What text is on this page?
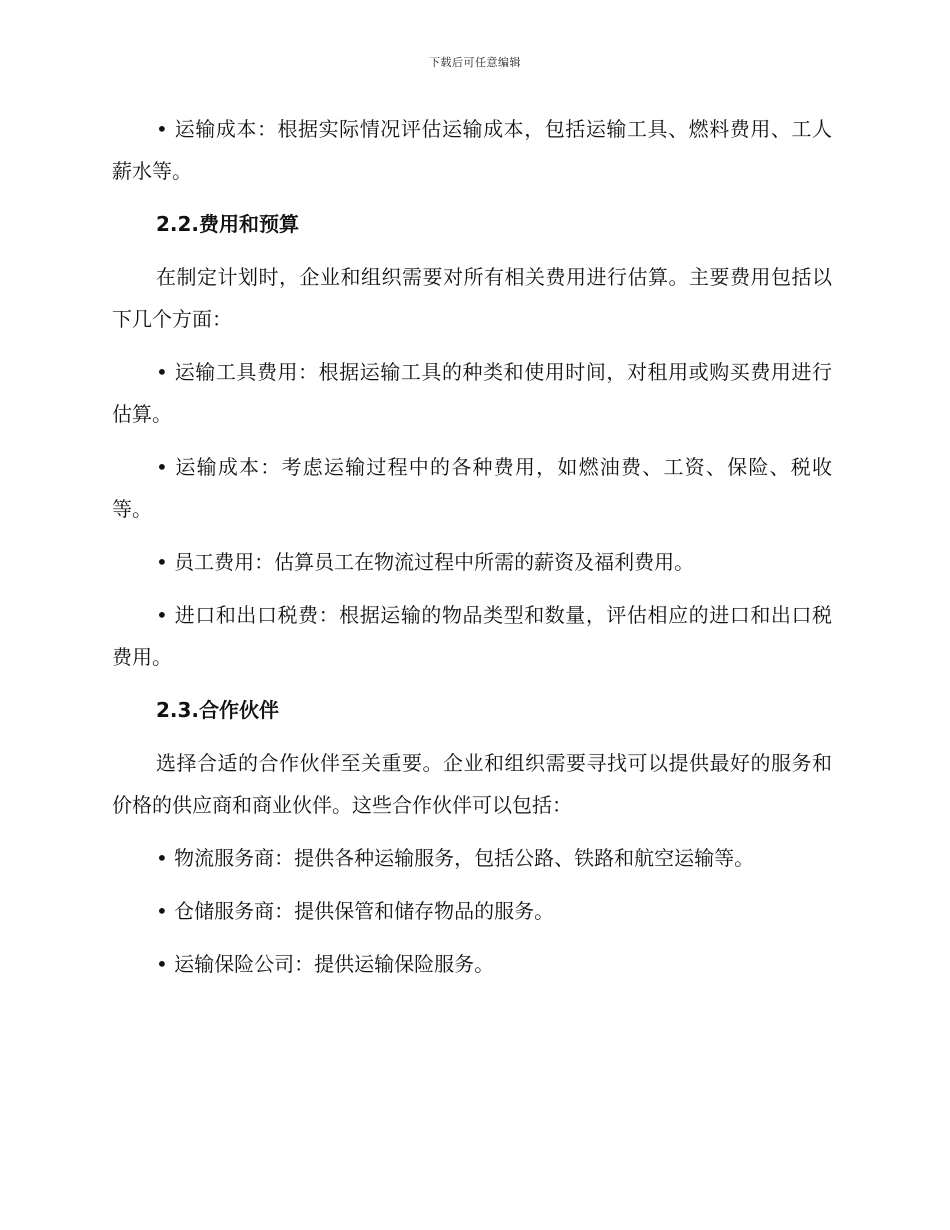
下载后可任意编辑

• 运输成本：根据实际情况评估运输成本，包括运输工具、燃料费用、工人薪水等。

2.2.费用和预算

在制定计划时，企业和组织需要对所有相关费用进行估算。主要费用包括以下几个方面：

• 运输工具费用：根据运输工具的种类和使用时间，对租用或购买费用进行估算。

• 运输成本：考虑运输过程中的各种费用，如燃油费、工资、保险、税收等。

• 员工费用：估算员工在物流过程中所需的薪资及福利费用。

• 进口和出口税费：根据运输的物品类型和数量，评估相应的进口和出口税费用。

2.3.合作伙伴

选择合适的合作伙伴至关重要。企业和组织需要寻找可以提供最好的服务和价格的供应商和商业伙伴。这些合作伙伴可以包括：

• 物流服务商：提供各种运输服务，包括公路、铁路和航空运输等。

• 仓储服务商：提供保管和储存物品的服务。

• 运输保险公司：提供运输保险服务。
